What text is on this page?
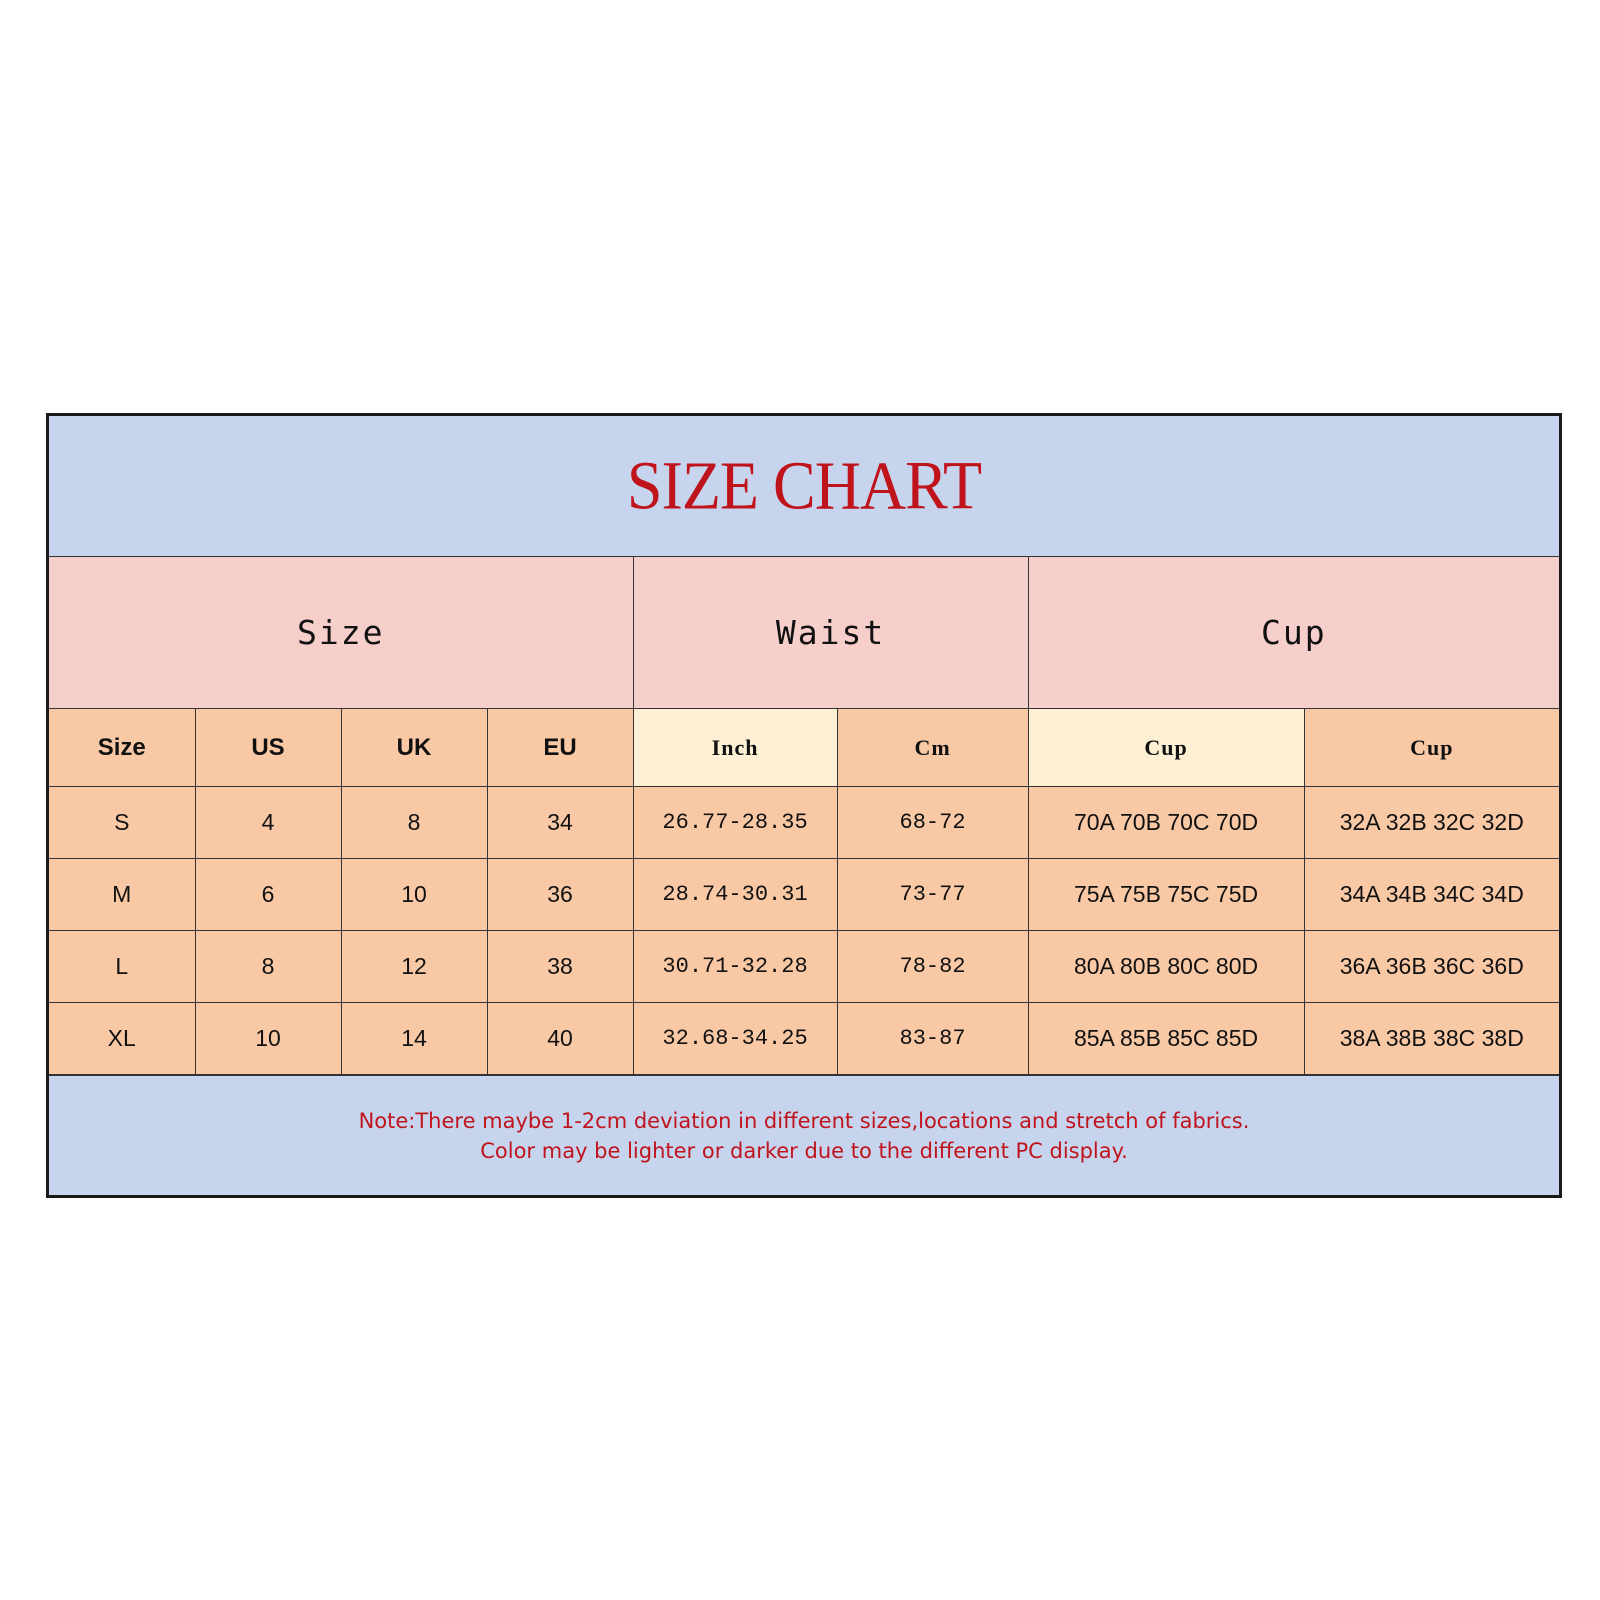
SIZE CHART
Size				Waist		Cup	
Size	US	UK	EU	Inch	Cm	Cup	Cup
S	4	8	34	26.77-28.35	68-72	70A 70B 70C 70D	32A 32B 32C 32D
M	6	10	36	28.74-30.31	73-77	75A 75B 75C 75D	34A 34B 34C 34D
L	8	12	38	30.71-32.28	78-82	80A 80B 80C 80D	36A 36B 36C 36D
XL	10	14	40	32.68-34.25	83-87	85A 85B 85C 85D	38A 38B 38C 38D
Note:There maybe 1-2cm deviation in different sizes,locations and stretch of fabrics.
Color may be lighter or darker due to the different PC display.
